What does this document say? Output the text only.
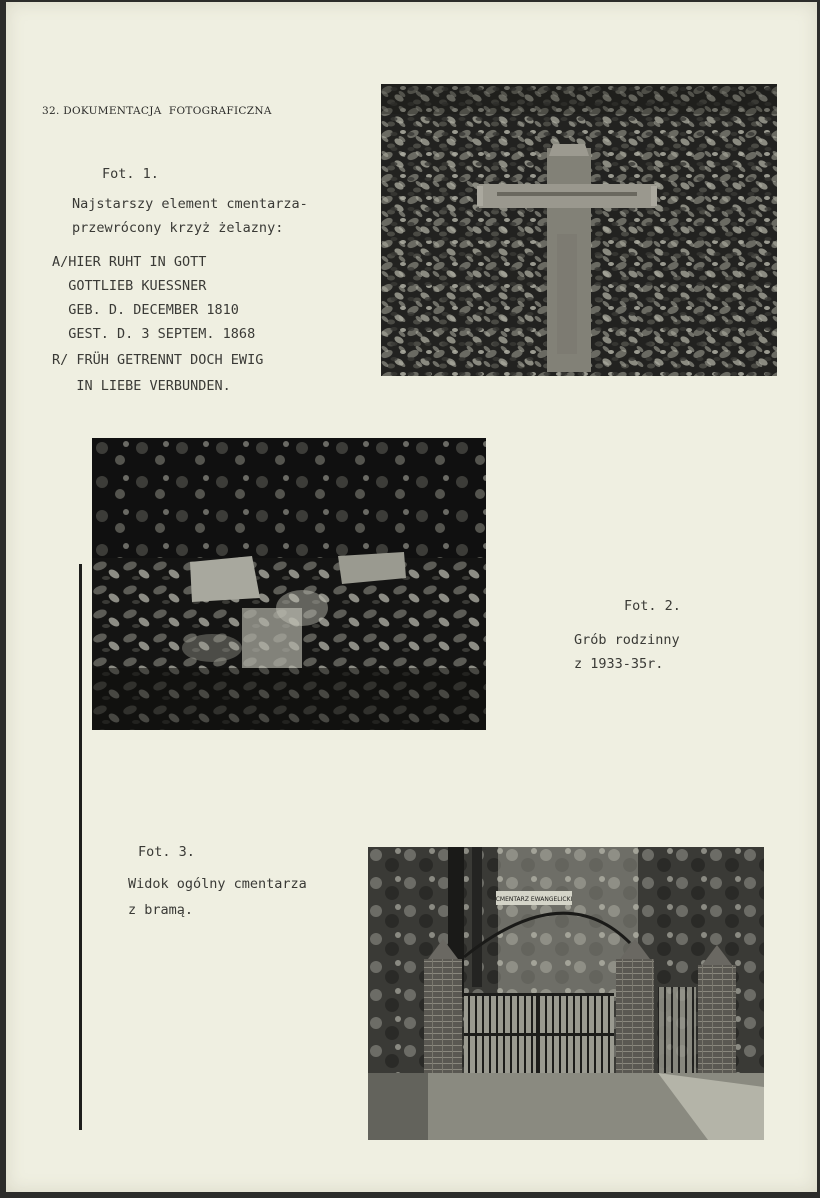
32. DOKUMENTACJA  FOTOGRAFICZNA
Fot. 1.
Najstarszy element cmentarza-
przewrócony krzyż żelazny:
A/HIER RUHT IN GOTT
GOTTLIEB KUESSNER
GEB. D. DECEMBER 1810
GEST. D. 3 SEPTEM. 1868
R/ FRÜH GETRENNT DOCH EWIG
IN LIEBE VERBUNDEN.
Fot. 2.
Grób rodzinny
z 1933-35r.
Fot. 3.
Widok ogólny cmentarza
z bramą.
CMENTARZ EWANGELICKI
